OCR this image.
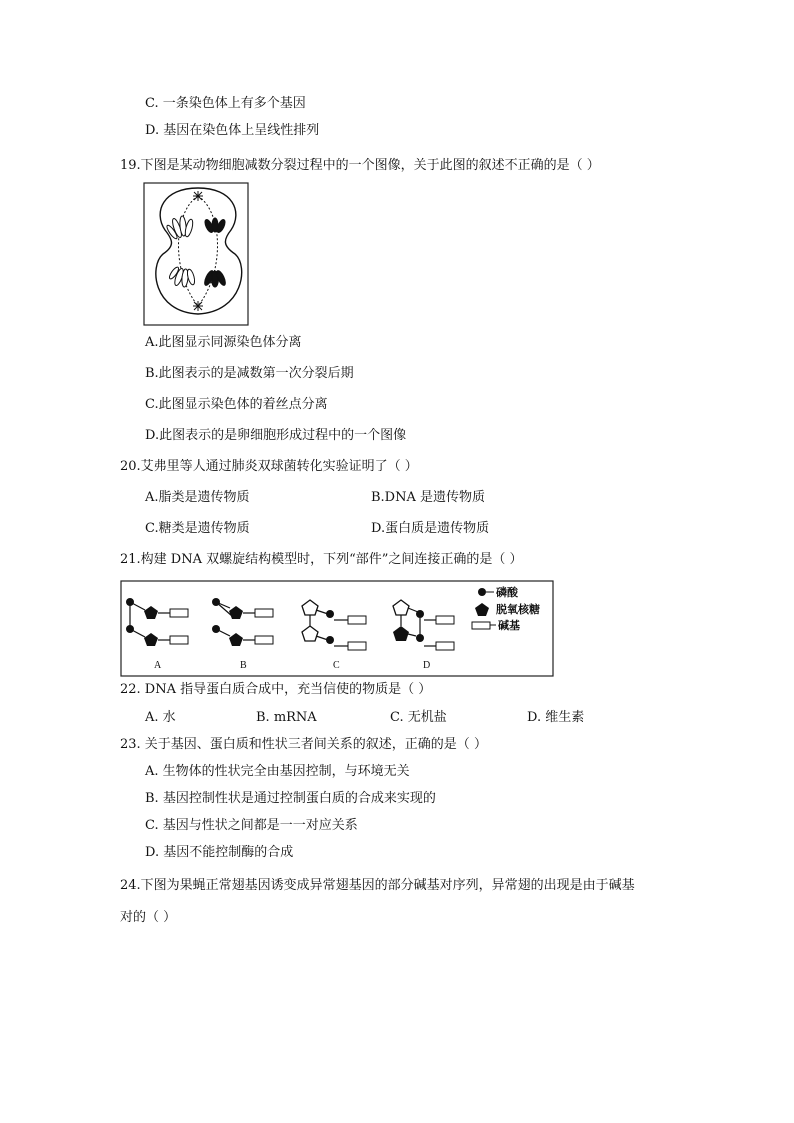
C. 一条染色体上有多个基因
D. 基因在染色体上呈线性排列
19.下图是某动物细胞减数分裂过程中的一个图像，关于此图的叙述不正确的是（ ）
A.此图显示同源染色体分离
B.此图表示的是减数第一次分裂后期
C.此图显示染色体的着丝点分离
D.此图表示的是卵细胞形成过程中的一个图像
20.艾弗里等人通过肺炎双球菌转化实验证明了（ ）
A.脂类是遗传物质	B.DNA 是遗传物质
C.糖类是遗传物质	D.蛋白质是遗传物质
21.构建 DNA 双螺旋结构模型时，下列“部件”之间连接正确的是（ ）
A	B	C	D
磷酸
脱氧核糖
碱基
22. DNA 指导蛋白质合成中，充当信使的物质是（ ）
A. 水	B. mRNA	C. 无机盐	D. 维生素
23. 关于基因、蛋白质和性状三者间关系的叙述，正确的是（ ）
A. 生物体的性状完全由基因控制，与环境无关
B. 基因控制性状是通过控制蛋白质的合成来实现的
C. 基因与性状之间都是一一对应关系
D. 基因不能控制酶的合成
24.下图为果蝇正常翅基因诱变成异常翅基因的部分碱基对序列，异常翅的出现是由于碱基
对的（ ）
